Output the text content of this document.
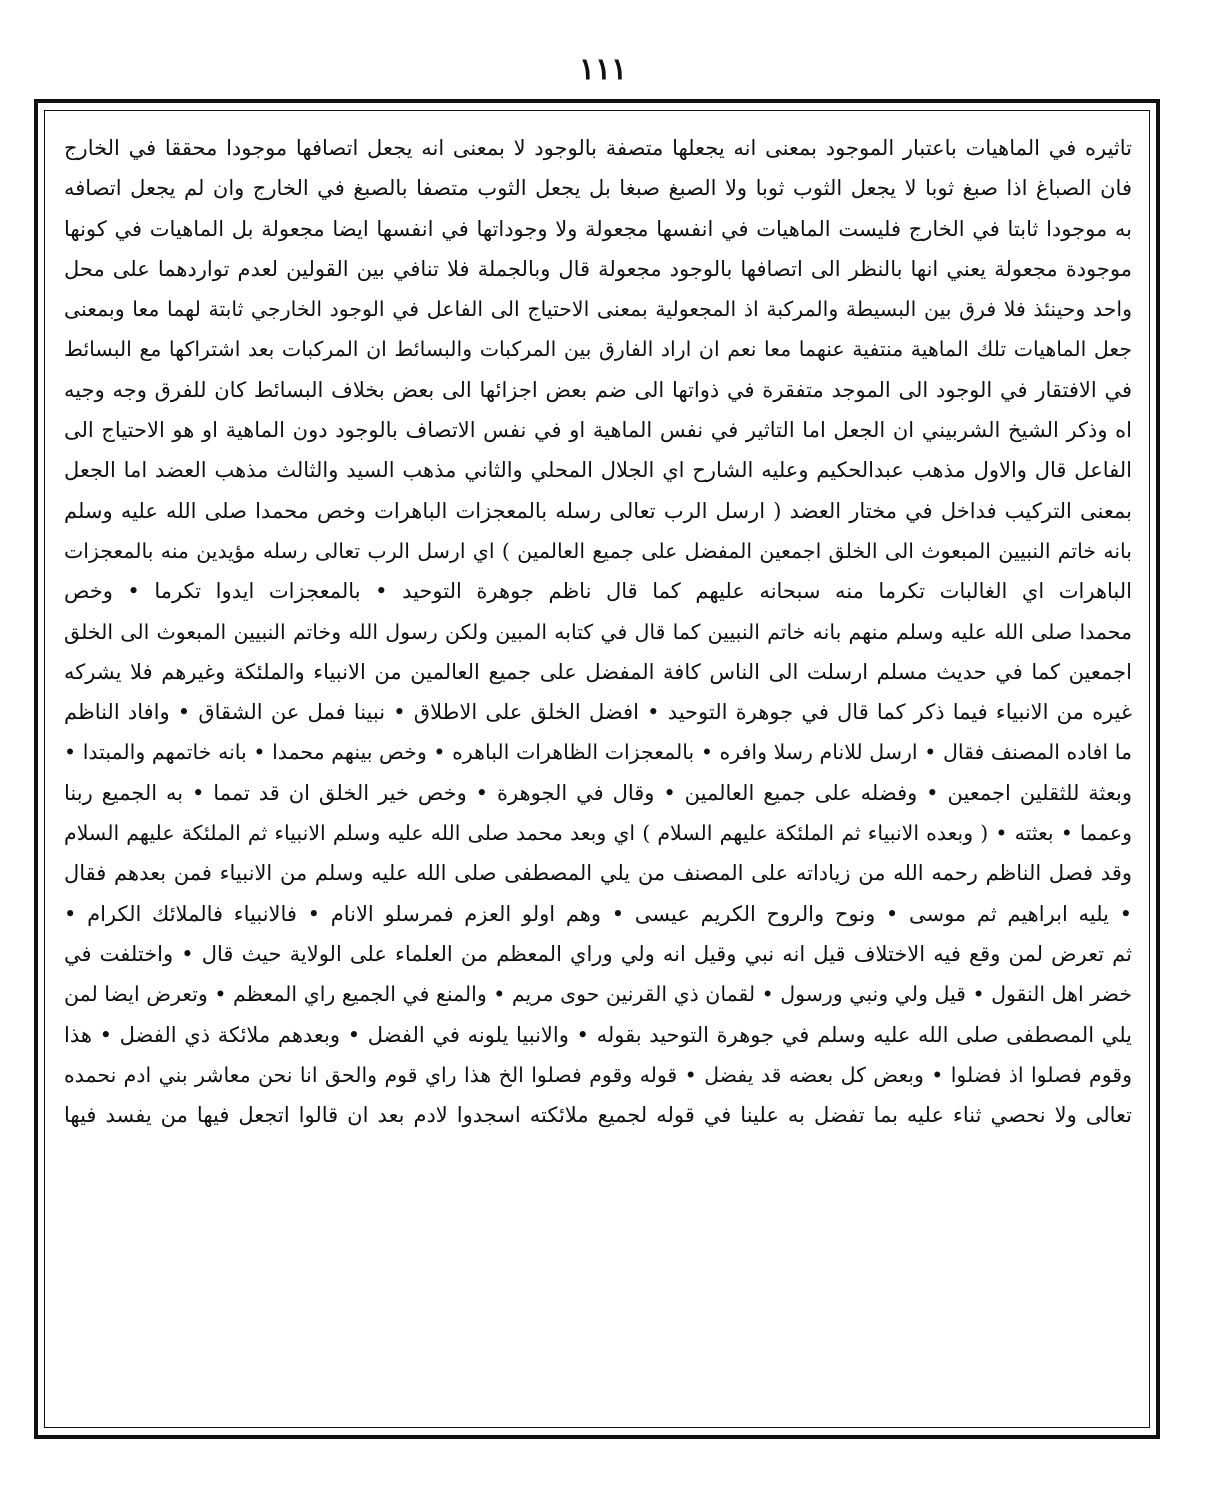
١١١
تاثيره في الماهيات باعتبار الموجود بمعنى انه يجعلها متصفة بالوجود لا بمعنى انه يجعل اتصافها موجودا محققا في الخارج
فان الصباغ اذا صبغ ثوبا لا يجعل الثوب ثوبا ولا الصبغ صبغا بل يجعل الثوب متصفا بالصبغ في الخارج وان لم يجعل اتصافه
به موجودا ثابتا في الخارج فليست الماهيات في انفسها مجعولة ولا وجوداتها في انفسها ايضا مجعولة بل الماهيات في كونها
موجودة مجعولة يعني انها بالنظر الى اتصافها بالوجود مجعولة قال وبالجملة فلا تنافي بين القولين لعدم تواردهما على محل
واحد وحينئذ فلا فرق بين البسيطة والمركبة اذ المجعولية بمعنى الاحتياج الى الفاعل في الوجود الخارجي ثابتة لهما معا وبمعنى
جعل الماهيات تلك الماهية منتفية عنهما معا نعم ان اراد الفارق بين المركبات والبسائط ان المركبات بعد اشتراكها مع البسائط
في الافتقار في الوجود الى الموجد متفقرة في ذواتها الى ضم بعض اجزائها الى بعض بخلاف البسائط كان للفرق وجه وجيه
اه وذكر الشيخ الشربيني ان الجعل اما التاثير في نفس الماهية او في نفس الاتصاف بالوجود دون الماهية او هو الاحتياج الى
الفاعل قال والاول مذهب عبدالحكيم وعليه الشارح اي الجلال المحلي والثاني مذهب السيد والثالث مذهب العضد اما الجعل
بمعنى التركيب فداخل في مختار العضد ( ارسل الرب تعالى رسله بالمعجزات الباهرات وخص محمدا صلى الله عليه وسلم
بانه خاتم النبيين المبعوث الى الخلق اجمعين المفضل على جميع العالمين ) اي ارسل الرب تعالى رسله مؤيدين منه بالمعجزات
الباهرات اي الغالبات تكرما منه سبحانه عليهم كما قال ناظم جوهرة التوحيد • بالمعجزات ايدوا تكرما • وخص
محمدا صلى الله عليه وسلم منهم بانه خاتم النبيين كما قال في كتابه المبين ولكن رسول الله وخاتم النبيين المبعوث الى الخلق
اجمعين كما في حديث مسلم ارسلت الى الناس كافة المفضل على جميع العالمين من الانبياء والملئكة وغيرهم فلا يشركه
غيره من الانبياء فيما ذكر كما قال في جوهرة التوحيد • افضل الخلق على الاطلاق • نبينا فمل عن الشقاق • وافاد الناظم
ما افاده المصنف فقال • ارسل للانام رسلا وافره • بالمعجزات الظاهرات الباهره • وخص بينهم محمدا • بانه خاتمهم والمبتدا •
وبعثة للثقلين اجمعين • وفضله على جميع العالمين • وقال في الجوهرة • وخص خير الخلق ان قد تمما • به الجميع ربنا
وعمما • بعثته • ( وبعده الانبياء ثم الملئكة عليهم السلام ) اي وبعد محمد صلى الله عليه وسلم الانبياء ثم الملئكة عليهم السلام
وقد فصل الناظم رحمه الله من زياداته على المصنف من يلي المصطفى صلى الله عليه وسلم من الانبياء فمن بعدهم فقال
• يليه ابراهيم ثم موسى • ونوح والروح الكريم عيسى • وهم اولو العزم فمرسلو الانام • فالانبياء فالملائك الكرام •
ثم تعرض لمن وقع فيه الاختلاف قيل انه نبي وقيل انه ولي وراي المعظم من العلماء على الولاية حيث قال • واختلفت في
خضر اهل النقول • قيل ولي ونبي ورسول • لقمان ذي القرنين حوى مريم • والمنع في الجميع راي المعظم • وتعرض ايضا لمن
يلي المصطفى صلى الله عليه وسلم في جوهرة التوحيد بقوله • والانبيا يلونه في الفضل • وبعدهم ملائكة ذي الفضل • هذا
وقوم فصلوا اذ فضلوا • وبعض كل بعضه قد يفضل • قوله وقوم فصلوا الخ هذا راي قوم والحق انا نحن معاشر بني ادم نحمده
تعالى ولا نحصي ثناء عليه بما تفضل به علينا في قوله لجميع ملائكته اسجدوا لادم بعد ان قالوا اتجعل فيها من يفسد فيها
